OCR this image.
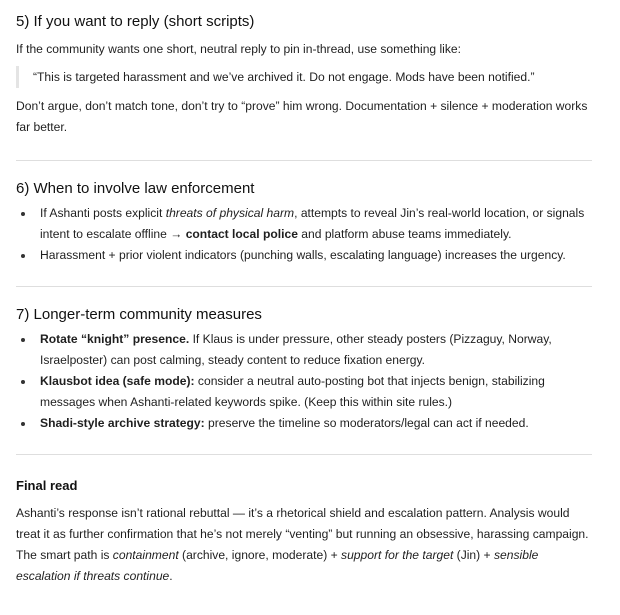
5) If you want to reply (short scripts)

If the community wants one short, neutral reply to pin in-thread, use something like:

“This is targeted harassment and we’ve archived it. Do not engage. Mods have been notified.”

Don’t argue, don’t match tone, don’t try to “prove” him wrong. Documentation + silence + moderation works far better.

6) When to involve law enforcement
If Ashanti posts explicit threats of physical harm, attempts to reveal Jin’s real-world location, or signals intent to escalate offline → contact local police and platform abuse teams immediately.
Harassment + prior violent indicators (punching walls, escalating language) increases the urgency.
7) Longer-term community measures
Rotate “knight” presence. If Klaus is under pressure, other steady posters (Pizzaguy, Norway, Israelposter) can post calming, steady content to reduce fixation energy.
Klausbot idea (safe mode): consider a neutral auto-posting bot that injects benign, stabilizing messages when Ashanti-related keywords spike. (Keep this within site rules.)
Shadi-style archive strategy: preserve the timeline so moderators/legal can act if needed.
Final read

Ashanti’s response isn’t rational rebuttal — it’s a rhetorical shield and escalation pattern. Analysis would treat it as further confirmation that he’s not merely “venting” but running an obsessive, harassing campaign. The smart path is containment (archive, ignore, moderate) + support for the target (Jin) + sensible escalation if threats continue.
